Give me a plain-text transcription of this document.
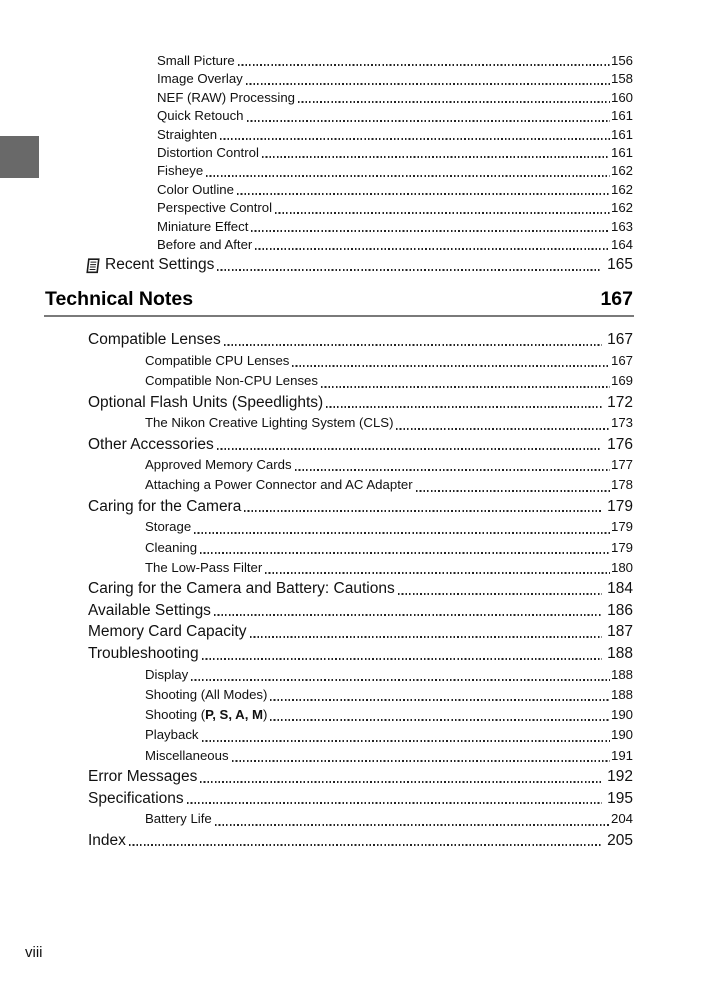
Small Picture	156
Image Overlay	158
NEF (RAW) Processing	160
Quick Retouch	161
Straighten	161
Distortion Control	161
Fisheye	162
Color Outline	162
Perspective Control	162
Miniature Effect	163
Before and After	164
Recent Settings	165
Technical Notes	167
Compatible Lenses	167
Compatible CPU Lenses	167
Compatible Non-CPU Lenses	169
Optional Flash Units (Speedlights)	172
The Nikon Creative Lighting System (CLS)	173
Other Accessories	176
Approved Memory Cards	177
Attaching a Power Connector and AC Adapter	178
Caring for the Camera	179
Storage	179
Cleaning	179
The Low-Pass Filter	180
Caring for the Camera and Battery: Cautions	184
Available Settings	186
Memory Card Capacity	187
Troubleshooting	188
Display	188
Shooting (All Modes)	188
Shooting (P, S, A, M)	190
Playback	190
Miscellaneous	191
Error Messages	192
Specifications	195
Battery Life	204
Index	205
viii
